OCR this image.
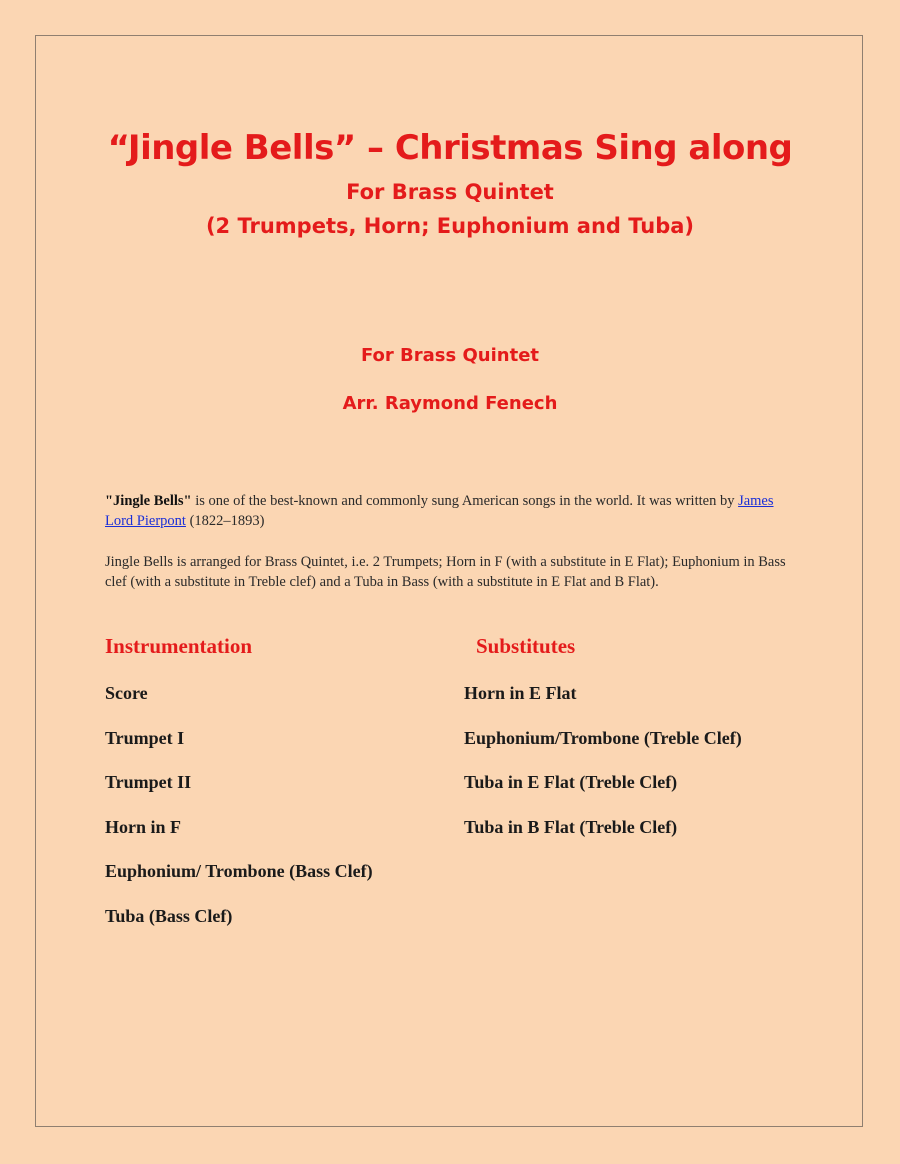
“Jingle Bells” – Christmas Sing along
For Brass Quintet
(2 Trumpets, Horn; Euphonium and Tuba)
For Brass Quintet
Arr. Raymond Fenech

"Jingle Bells" is one of the best-known and commonly sung American songs in the world. It was written by James Lord Pierpont (1822–1893)

Jingle Bells is arranged for Brass Quintet, i.e. 2 Trumpets; Horn in F (with a substitute in E Flat); Euphonium in Bass clef (with a substitute in Treble clef) and a Tuba in Bass (with a substitute in E Flat and B Flat).

Instrumentation	Substitutes
Score
Trumpet I
Trumpet II
Horn in F
Euphonium/ Trombone (Bass Clef)
Tuba (Bass Clef)
Horn in E Flat
Euphonium/Trombone (Treble Clef)
Tuba in E Flat (Treble Clef)
Tuba in B Flat (Treble Clef)
